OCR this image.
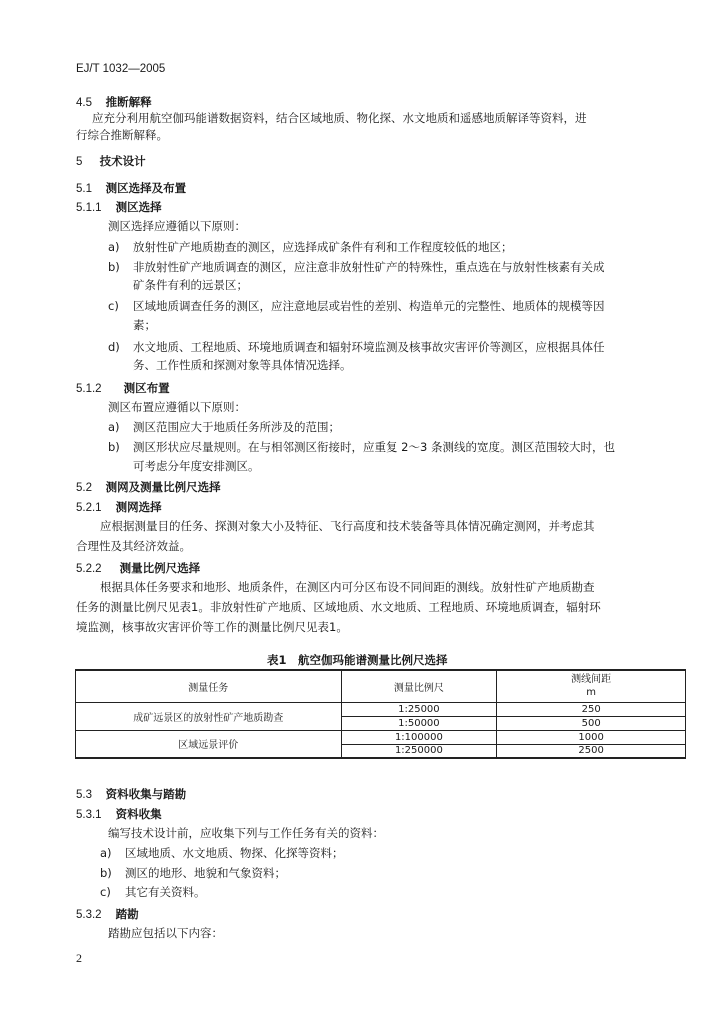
EJ/T 1032—2005
4.5 推断解释
应充分利用航空伽玛能谱数据资料，结合区域地质、物化探、水文地质和遥感地质解译等资料，进
行综合推断解释。
5 技术设计
5.1 测区选择及布置
5.1.1 测区选择
测区选择应遵循以下原则：
a) 放射性矿产地质勘查的测区，应选择成矿条件有利和工作程度较低的地区；
b) 非放射性矿产地质调查的测区，应注意非放射性矿产的特殊性，重点选在与放射性核素有关成
矿条件有利的远景区；
c) 区域地质调查任务的测区，应注意地层或岩性的差别、构造单元的完整性、地质体的规模等因
素；
d) 水文地质、工程地质、环境地质调查和辐射环境监测及核事故灾害评价等测区，应根据具体任
务、工作性质和探测对象等具体情况选择。
5.1.2 测区布置
测区布置应遵循以下原则：
a) 测区范围应大于地质任务所涉及的范围；
b) 测区形状应尽量规则。在与相邻测区衔接时，应重复 2～3 条测线的宽度。测区范围较大时，也
可考虑分年度安排测区。
5.2 测网及测量比例尺选择
5.2.1 测网选择
应根据测量目的任务、探测对象大小及特征、飞行高度和技术装备等具体情况确定测网，并考虑其
合理性及其经济效益。
5.2.2 测量比例尺选择
根据具体任务要求和地形、地质条件，在测区内可分区布设不同间距的测线。放射性矿产地质勘查
任务的测量比例尺见表1。非放射性矿产地质、区域地质、水文地质、工程地质、环境地质调查，辐射环
境监测，核事故灾害评价等工作的测量比例尺见表1。
表1　航空伽玛能谱测量比例尺选择
测量任务	测量比例尺	测线间距
m

成矿远景区的放射性矿产地质勘查	1:25000	250
	1:50000	500
区域远景评价	1:100000	1000
	1:250000	2500
5.3 资料收集与踏勘
5.3.1 资料收集
编写技术设计前，应收集下列与工作任务有关的资料：
a) 区域地质、水文地质、物探、化探等资料；
b) 测区的地形、地貌和气象资料；
c) 其它有关资料。
5.3.2 踏勘
踏勘应包括以下内容：
2
